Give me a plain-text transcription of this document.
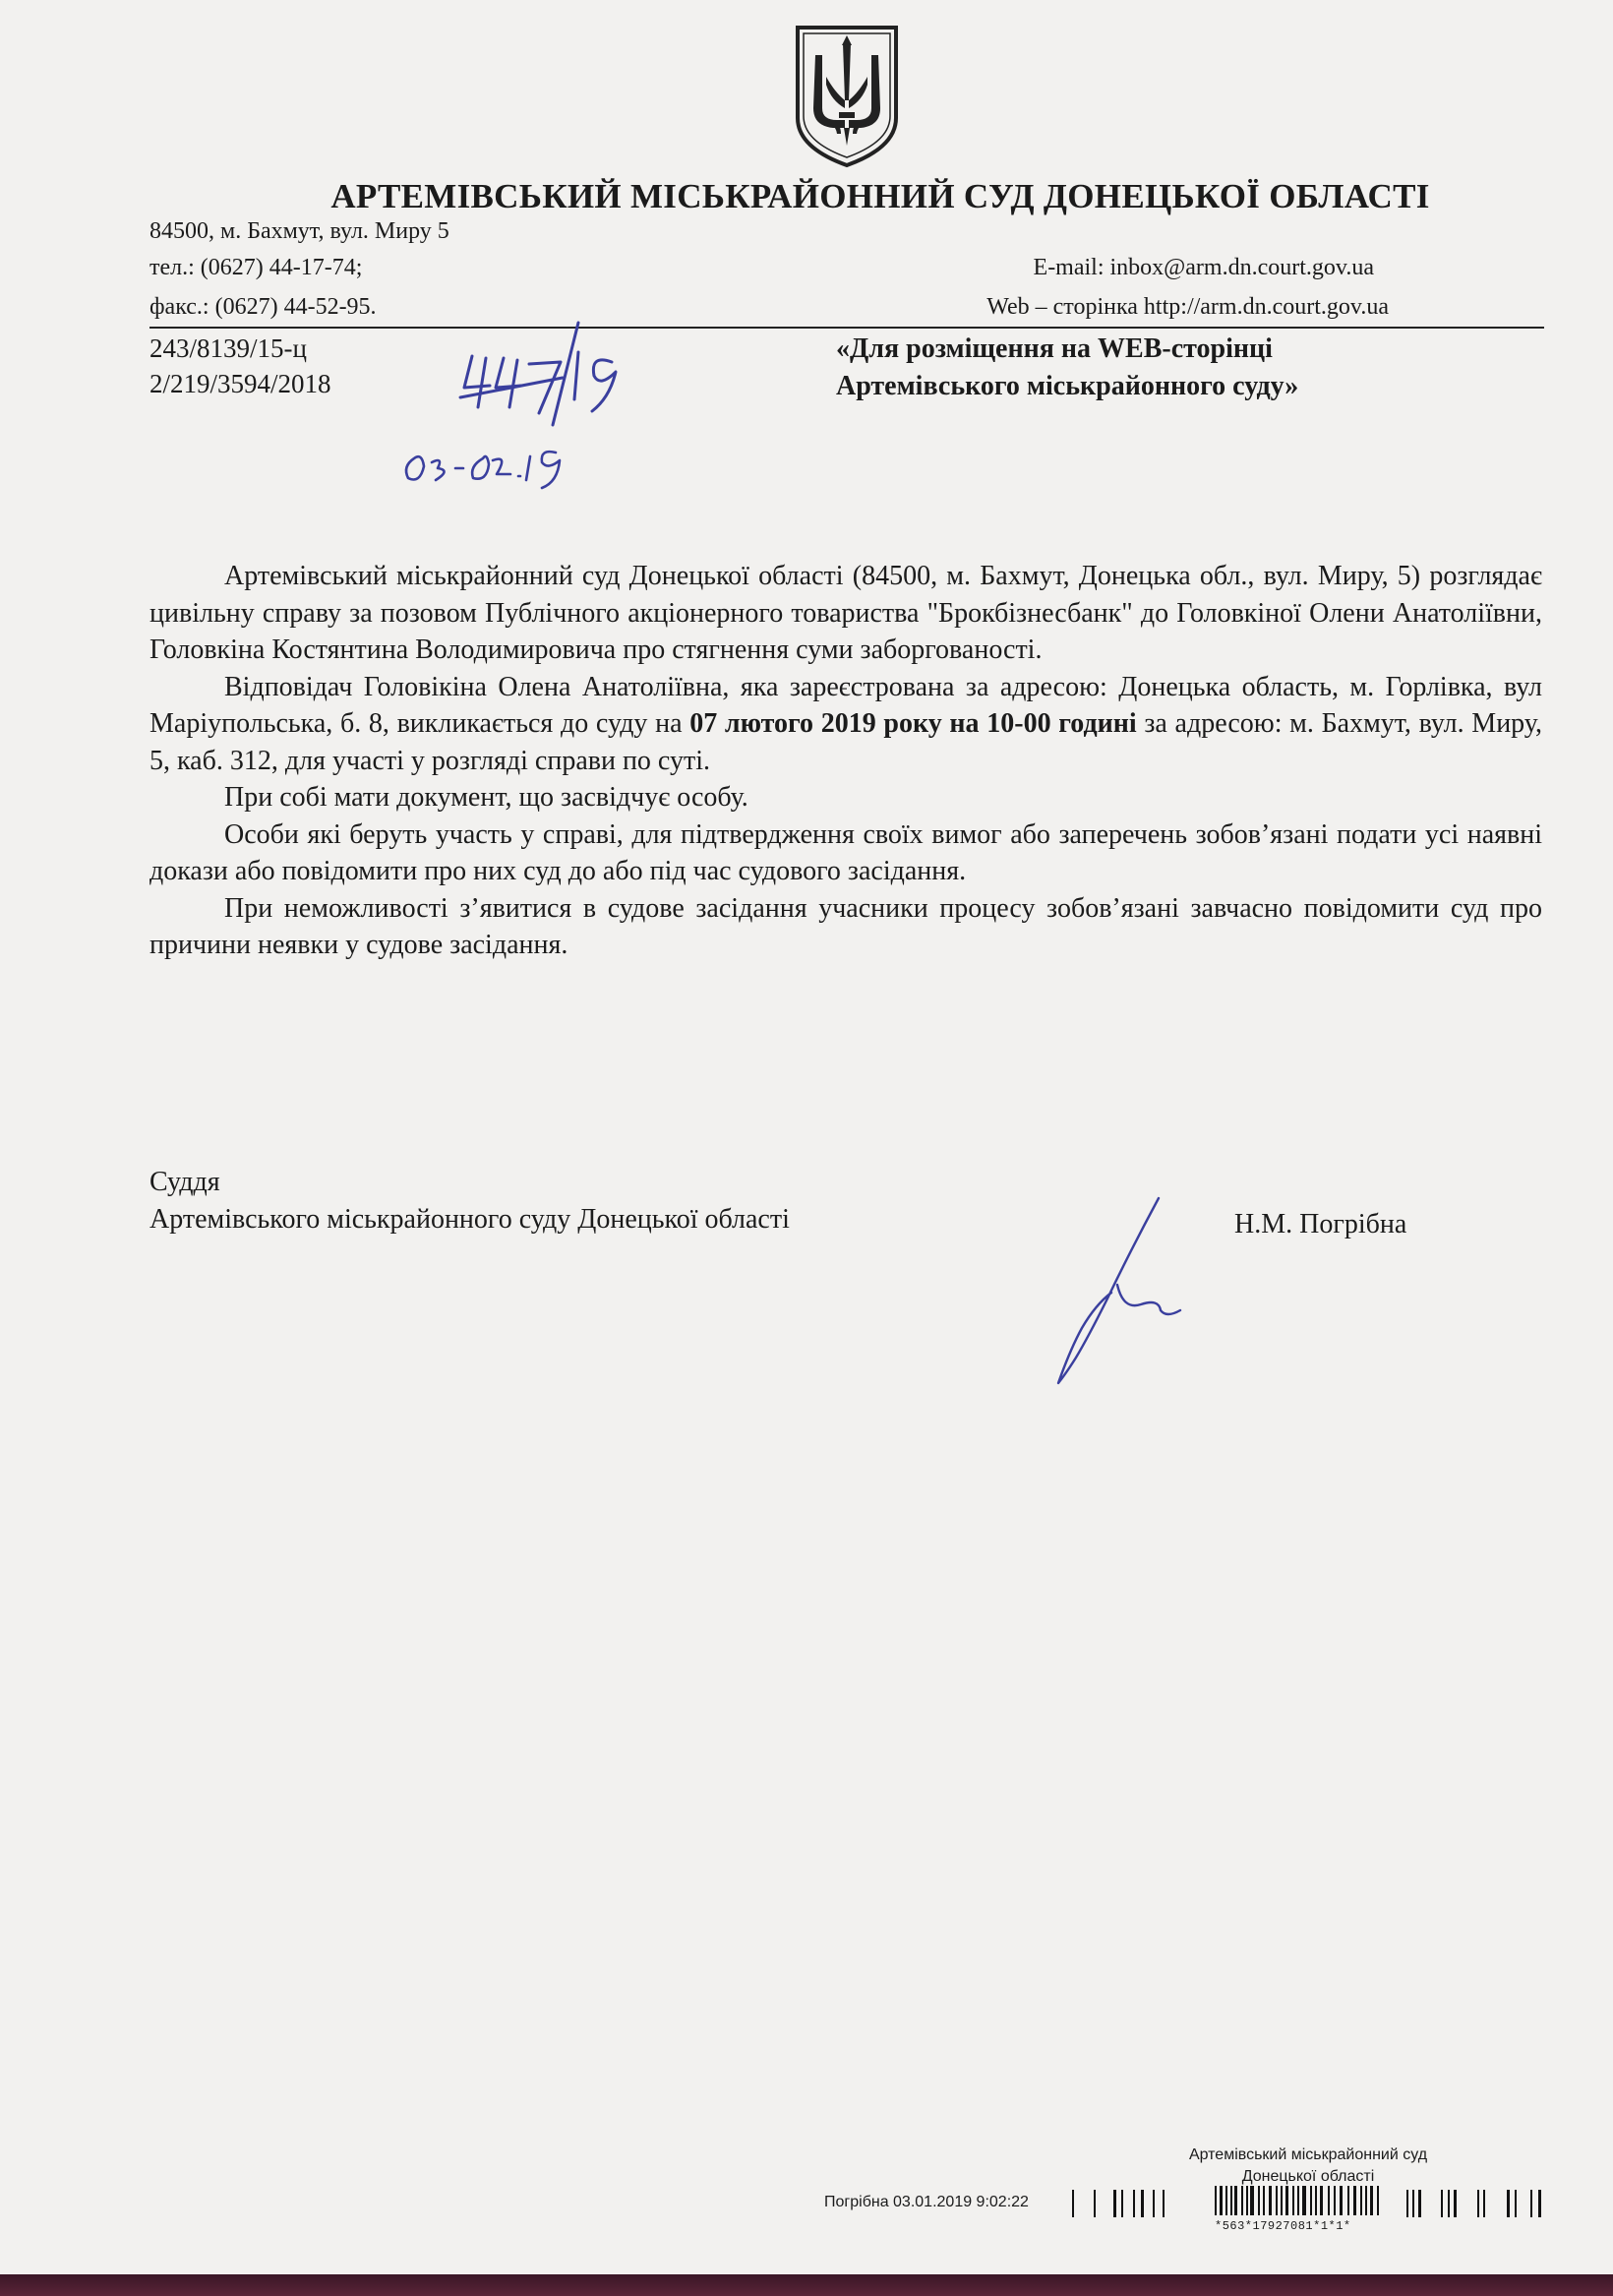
АРТЕМІВСЬКИЙ МІСЬКРАЙОННИЙ СУД ДОНЕЦЬКОЇ ОБЛАСТІ
84500, м. Бахмут, вул. Миру 5
тел.: (0627) 44-17-74;
факс.: (0627) 44-52-95.
E-mail: inbox@arm.dn.court.gov.ua
Web – сторінка http://arm.dn.court.gov.ua
243/8139/15-ц
2/219/3594/2018
«Для розміщення на WEB-сторінці
Артемівського міськрайонного суду»

Артемівський міськрайонний суд Донецької області (84500, м. Бахмут, Донецька обл., вул. Миру, 5) розглядає цивільну справу за позовом Публічного акціонерного товариства "Брокбізнесбанк" до Головкіної Олени Анатоліївни, Головкіна Костянтина Володимировича про стягнення суми заборгованості.

Відповідач Головікіна Олена Анатоліївна, яка зареєстрована за адресою: Донецька область, м. Горлівка, вул Маріупольська, б. 8, викликається до суду на 07 лютого 2019 року на 10-00 годині за адресою: м. Бахмут, вул. Миру, 5, каб. 312, для участі у розгляді справи по суті.

При собі мати документ, що засвідчує особу.

Особи які беруть участь у справі, для підтвердження своїх вимог або заперечень зобов’язані подати усі наявні докази або повідомити про них суд до або під час судового засідання.

При неможливості з’явитися в судове засідання учасники процесу зобов’язані завчасно повідомити суд про причини неявки у судове засідання.

Суддя
Артемівського міськрайонного суду Донецької області	Н.М. Погрібна
Артемівський міськрайонний суд
Донецької області
Погрібна 03.01.2019 9:02:22
*563*17927081*1*1*
